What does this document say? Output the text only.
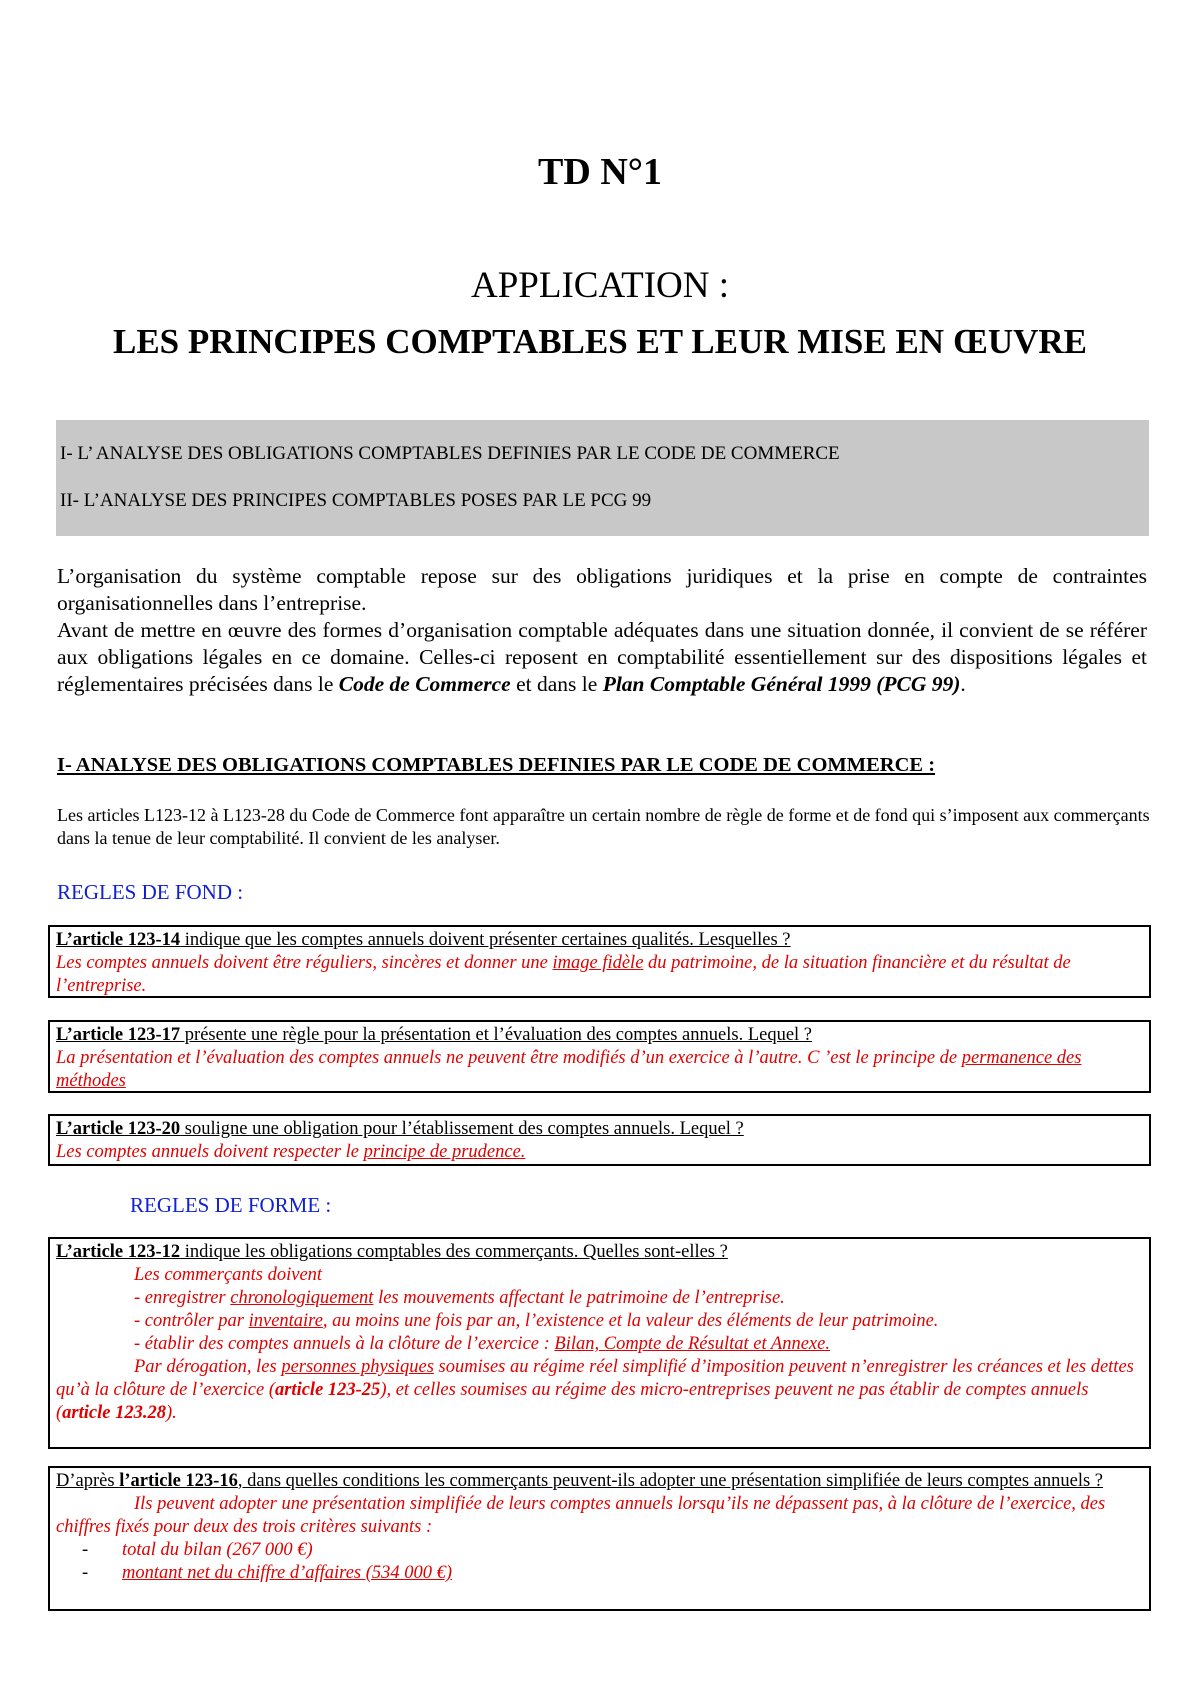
TD N°1
APPLICATION :
LES PRINCIPES COMPTABLES ET LEUR MISE EN ŒUVRE
I- L’ ANALYSE DES OBLIGATIONS COMPTABLES DEFINIES PAR LE CODE DE COMMERCE
II- L’ANALYSE DES PRINCIPES COMPTABLES POSES PAR LE PCG 99

L’organisation du système comptable repose sur des obligations juridiques et la prise en compte de contraintes organisationnelles dans l’entreprise.

Avant de mettre en œuvre des formes d’organisation comptable adéquates dans une situation donnée, il convient de se référer aux obligations légales en ce domaine. Celles-ci reposent en comptabilité essentiellement sur des dispositions légales et réglementaires précisées dans le Code de Commerce et dans le Plan Comptable Général 1999 (PCG 99).

I- ANALYSE DES OBLIGATIONS COMPTABLES DEFINIES PAR LE CODE DE COMMERCE :
Les articles L123-12 à L123-28 du Code de Commerce font apparaître un certain nombre de règle de forme et de fond qui s’imposent aux commerçants dans la tenue de leur comptabilité. Il convient de les analyser.
REGLES DE FOND :
L’article 123-14 indique que les comptes annuels doivent présenter certaines qualités. Lesquelles ?
Les comptes annuels doivent être réguliers, sincères et donner une image fidèle du patrimoine, de la situation financière et du résultat de l’entreprise.
L’article 123-17 présente une règle pour la présentation et l’évaluation des comptes annuels. Lequel ?
La présentation et l’évaluation des comptes annuels ne peuvent être modifiés d’un exercice à l’autre. C ’est le principe de permanence des méthodes
L’article 123-20 souligne une obligation pour l’établissement des comptes annuels. Lequel ?
Les comptes annuels doivent respecter le principe de prudence.
REGLES DE FORME :
L’article 123-12 indique les obligations comptables des commerçants. Quelles sont-elles ?
Les commerçants doivent
- enregistrer chronologiquement les mouvements affectant le patrimoine de l’entreprise.
- contrôler par inventaire, au moins une fois par an, l’existence et la valeur des éléments de leur patrimoine.
- établir des comptes annuels à la clôture de l’exercice : Bilan, Compte de Résultat et Annexe.
Par dérogation, les personnes physiques soumises au régime réel simplifié d’imposition peuvent n’enregistrer les créances et les dettes qu’à la clôture de l’exercice (article 123-25), et celles soumises au régime des micro-entreprises peuvent ne pas établir de comptes annuels (article 123.28).
D’après l’article 123-16, dans quelles conditions les commerçants peuvent-ils adopter une présentation simplifiée de leurs comptes annuels ?
Ils peuvent adopter une présentation simplifiée de leurs comptes annuels lorsqu’ils ne dépassent pas, à la clôture de l’exercice, des chiffres fixés pour deux des trois critères suivants :
- total du bilan (267 000 €)
- montant net du chiffre d’affaires (534 000 €)
